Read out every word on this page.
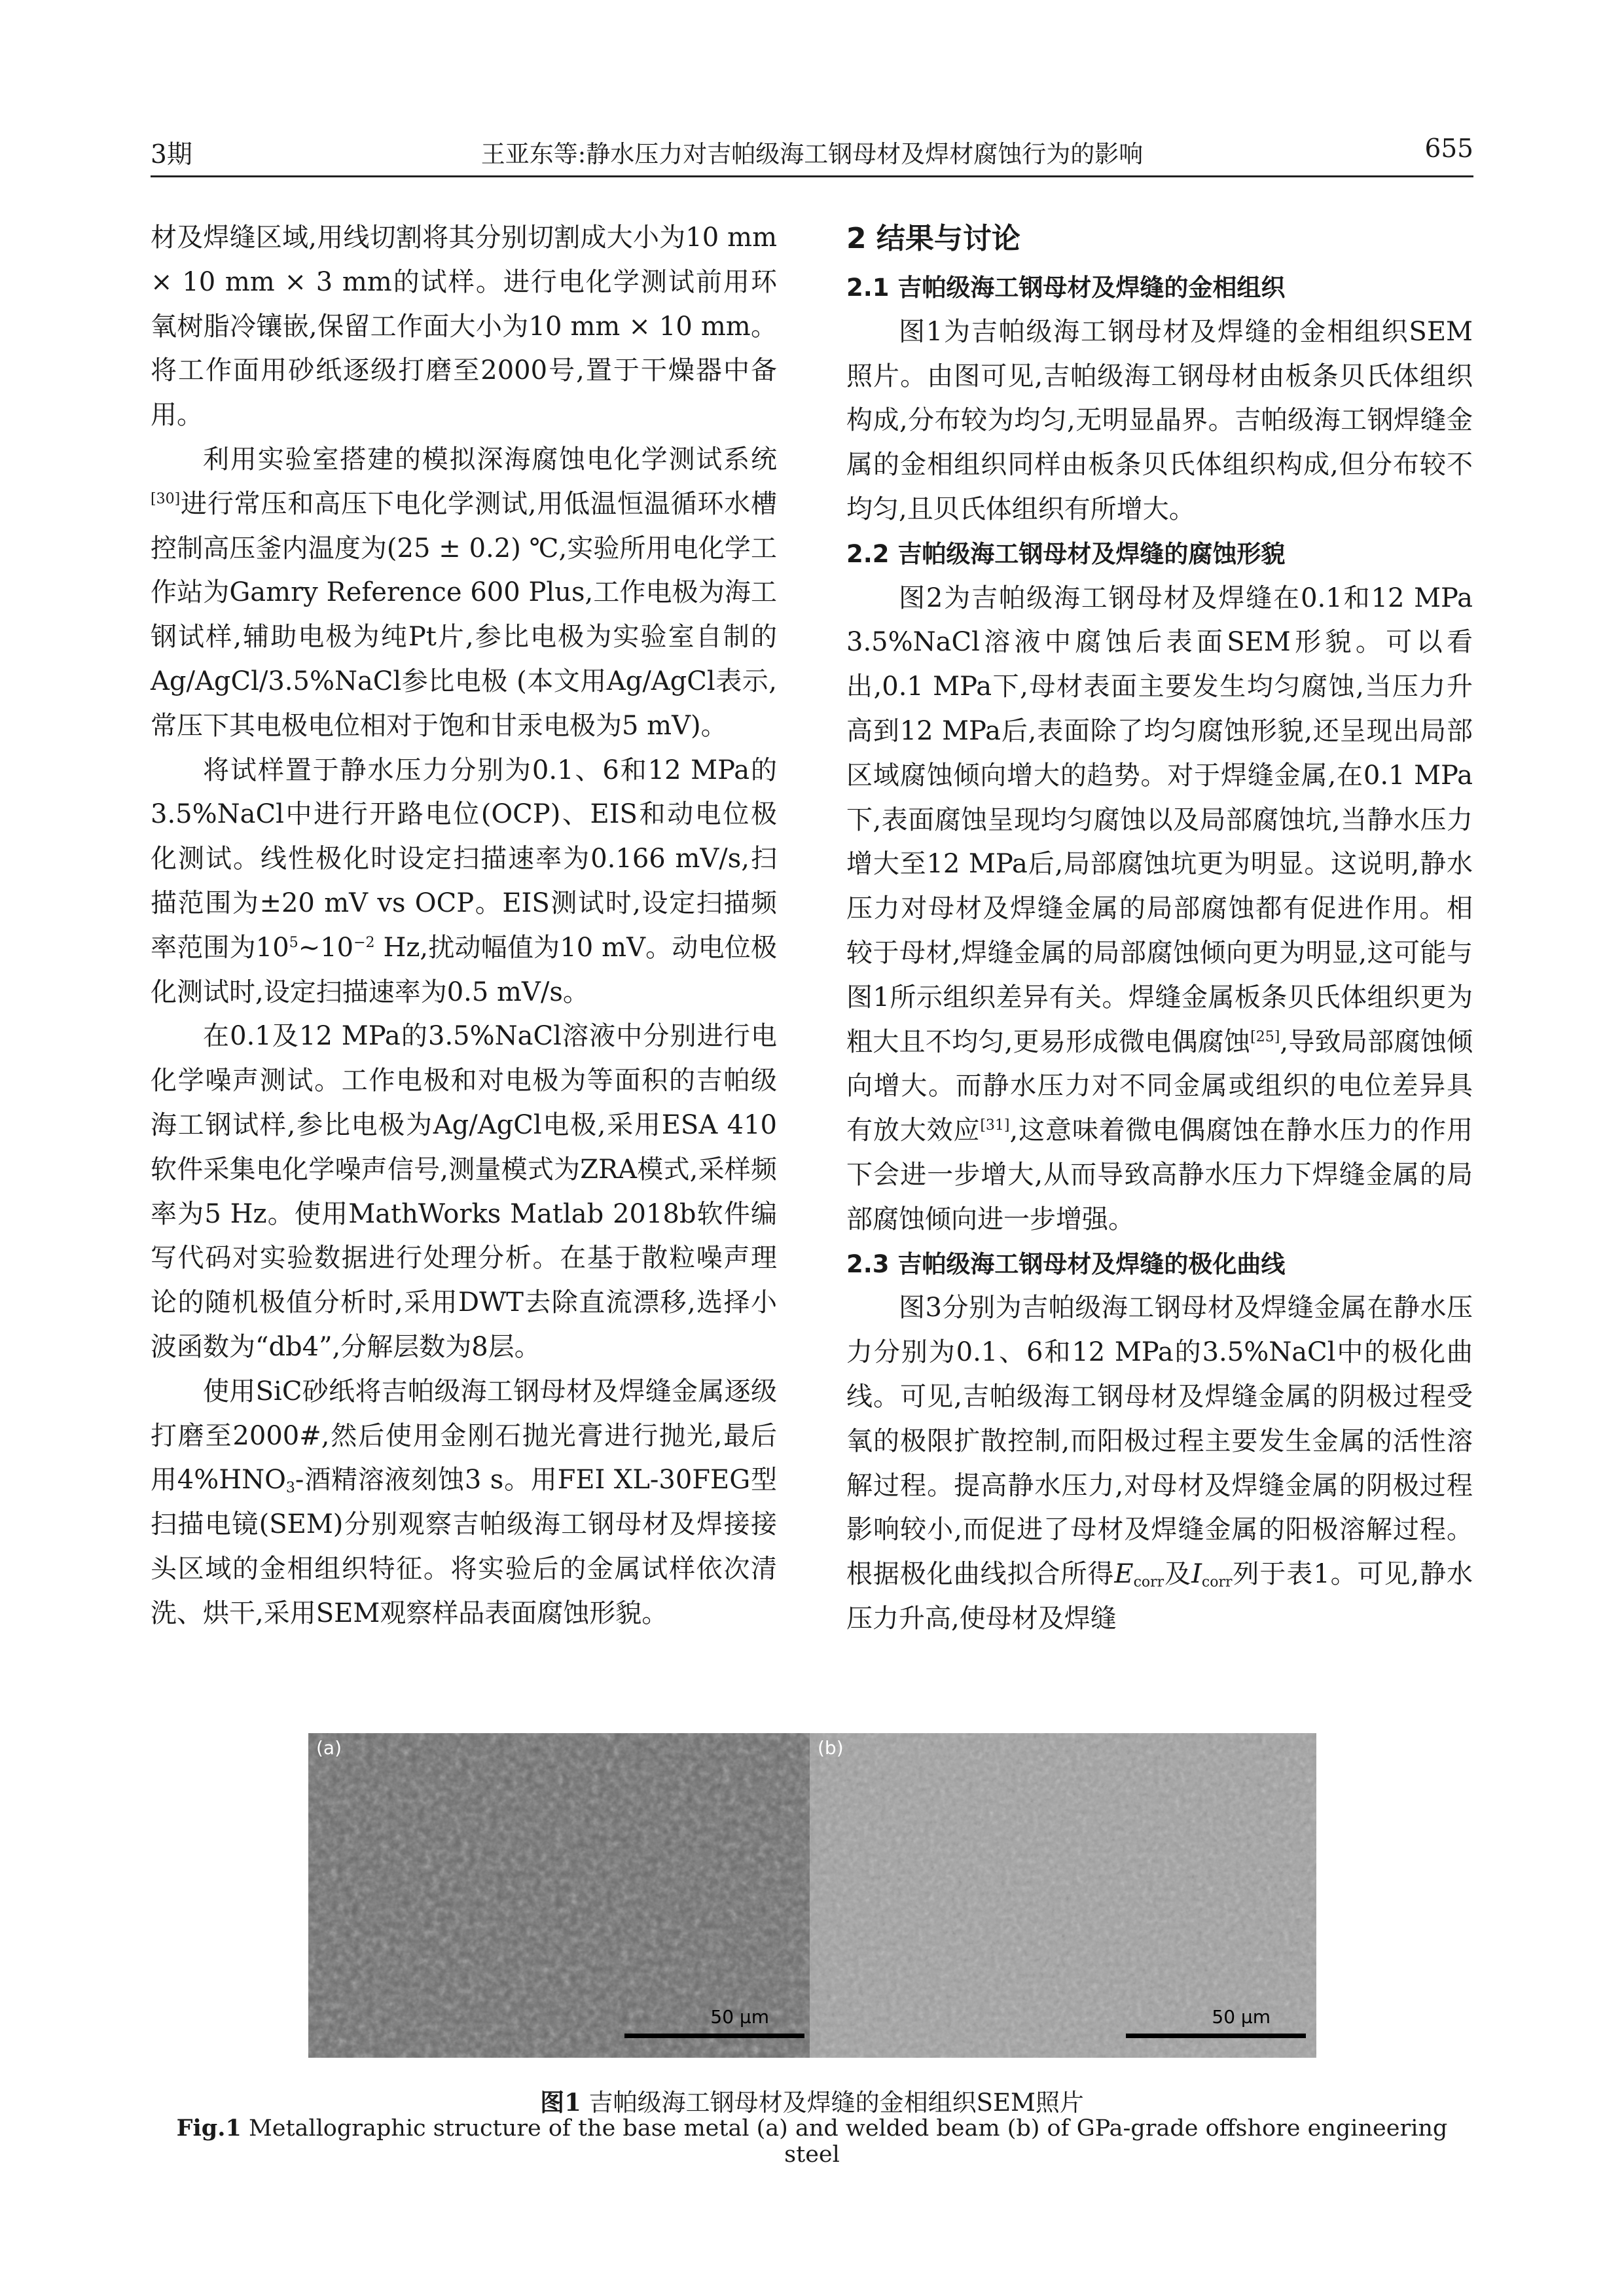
3期	王亚东等:静水压力对吉帕级海工钢母材及焊材腐蚀行为的影响	655

材及焊缝区域,用线切割将其分别切割成大小为10 mm × 10 mm × 3 mm的试样。进行电化学测试前用环氧树脂冷镶嵌,保留工作面大小为10 mm × 10 mm。将工作面用砂纸逐级打磨至2000号,置于干燥器中备用。

利用实验室搭建的模拟深海腐蚀电化学测试系统[30]进行常压和高压下电化学测试,用低温恒温循环水槽控制高压釜内温度为(25 ± 0.2) ℃,实验所用电化学工作站为Gamry Reference 600 Plus,工作电极为海工钢试样,辅助电极为纯Pt片,参比电极为实验室自制的Ag/AgCl/3.5%NaCl参比电极 (本文用Ag/AgCl表示,常压下其电极电位相对于饱和甘汞电极为5 mV)。

将试样置于静水压力分别为0.1、6和12 MPa的3.5%NaCl中进行开路电位(OCP)、EIS和动电位极化测试。线性极化时设定扫描速率为0.166 mV/s,扫描范围为±20 mV vs OCP。EIS测试时,设定扫描频率范围为$10^5\sim 10^{-2}$ Hz,扰动幅值为10 mV。动电位极化测试时,设定扫描速率为0.5 mV/s。

在0.1及12 MPa的3.5%NaCl溶液中分别进行电化学噪声测试。工作电极和对电极为等面积的吉帕级海工钢试样,参比电极为Ag/AgCl电极,采用ESA 410软件采集电化学噪声信号,测量模式为ZRA模式,采样频率为5 Hz。使用MathWorks Matlab 2018b软件编写代码对实验数据进行处理分析。在基于散粒噪声理论的随机极值分析时,采用DWT去除直流漂移,选择小波函数为“db4”,分解层数为8层。

使用SiC砂纸将吉帕级海工钢母材及焊缝金属逐级打磨至2000#,然后使用金刚石抛光膏进行抛光,最后用4%HNO3-酒精溶液刻蚀3 s。用FEI XL-30FEG型扫描电镜(SEM)分别观察吉帕级海工钢母材及焊接接头区域的金相组织特征。将实验后的金属试样依次清洗、烘干,采用SEM观察样品表面腐蚀形貌。

2 结果与讨论
2.1 吉帕级海工钢母材及焊缝的金相组织

图1为吉帕级海工钢母材及焊缝的金相组织SEM照片。由图可见,吉帕级海工钢母材由板条贝氏体组织构成,分布较为均匀,无明显晶界。吉帕级海工钢焊缝金属的金相组织同样由板条贝氏体组织构成,但分布较不均匀,且贝氏体组织有所增大。

2.2 吉帕级海工钢母材及焊缝的腐蚀形貌

图2为吉帕级海工钢母材及焊缝在0.1和12 MPa 3.5%NaCl溶液中腐蚀后表面SEM形貌。可以看出,0.1 MPa下,母材表面主要发生均匀腐蚀,当压力升高到12 MPa后,表面除了均匀腐蚀形貌,还呈现出局部区域腐蚀倾向增大的趋势。对于焊缝金属,在0.1 MPa下,表面腐蚀呈现均匀腐蚀以及局部腐蚀坑,当静水压力增大至12 MPa后,局部腐蚀坑更为明显。这说明,静水压力对母材及焊缝金属的局部腐蚀都有促进作用。相较于母材,焊缝金属的局部腐蚀倾向更为明显,这可能与图1所示组织差异有关。焊缝金属板条贝氏体组织更为粗大且不均匀,更易形成微电偶腐蚀[25],导致局部腐蚀倾向增大。而静水压力对不同金属或组织的电位差异具有放大效应[31],这意味着微电偶腐蚀在静水压力的作用下会进一步增大,从而导致高静水压力下焊缝金属的局部腐蚀倾向进一步增强。

2.3 吉帕级海工钢母材及焊缝的极化曲线

图3分别为吉帕级海工钢母材及焊缝金属在静水压力分别为0.1、6和12 MPa的3.5%NaCl中的极化曲线。可见,吉帕级海工钢母材及焊缝金属的阴极过程受氧的极限扩散控制,而阳极过程主要发生金属的活性溶解过程。提高静水压力,对母材及焊缝金属的阴极过程影响较小,而促进了母材及焊缝金属的阳极溶解过程。根据极化曲线拟合所得Ecorr及Icorr列于表1。可见,静水压力升高,使母材及焊缝

(a)
50 μm
(b)
50 μm
图1 吉帕级海工钢母材及焊缝的金相组织SEM照片
Fig.1 Metallographic structure of the base metal (a) and welded beam (b) of GPa-grade offshore engineering steel
